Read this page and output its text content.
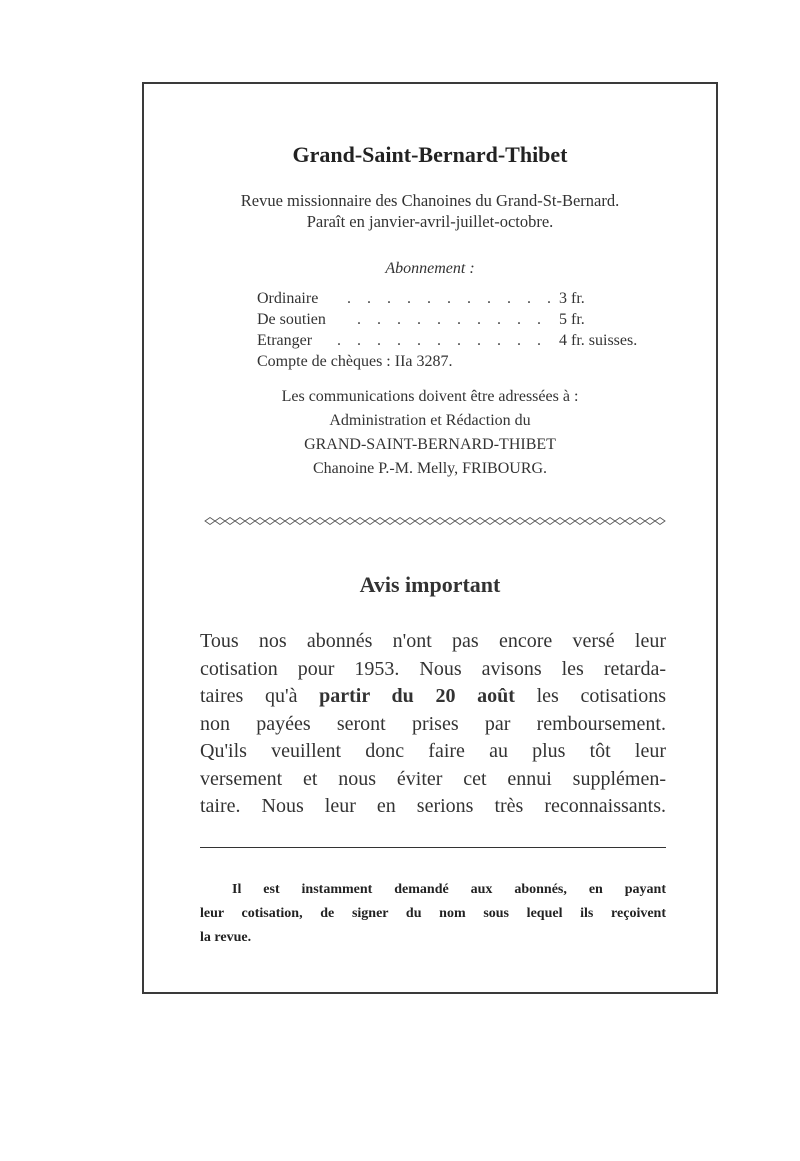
Grand-Saint-Bernard-Thibet
Revue missionnaire des Chanoines du Grand-St-Bernard.
Paraît en janvier-avril-juillet-octobre.
Abonnement :
Ordinaire . . . . . . . . . . . 3 fr.
De soutien . . . . . . . . . . 5 fr.
Etranger . . . . . . . . . . . 4 fr. suisses.
Compte de chèques : IIa 3287.
Les communications doivent être adressées à :
Administration et Rédaction du
GRAND-SAINT-BERNARD-THIBET
Chanoine P.-M. Melly, FRIBOURG.
Avis important
Tous nos abonnés n'ont pas encore versé leur
cotisation pour 1953. Nous avisons les retarda-
taires qu'à partir du 20 août les cotisations
non payées seront prises par remboursement.
Qu'ils veuillent donc faire au plus tôt leur
versement et nous éviter cet ennui supplémen-
taire. Nous leur en serions très reconnaissants.
Il est instamment demandé aux abonnés, en payant
leur cotisation, de signer du nom sous lequel ils reçoivent
la revue.
